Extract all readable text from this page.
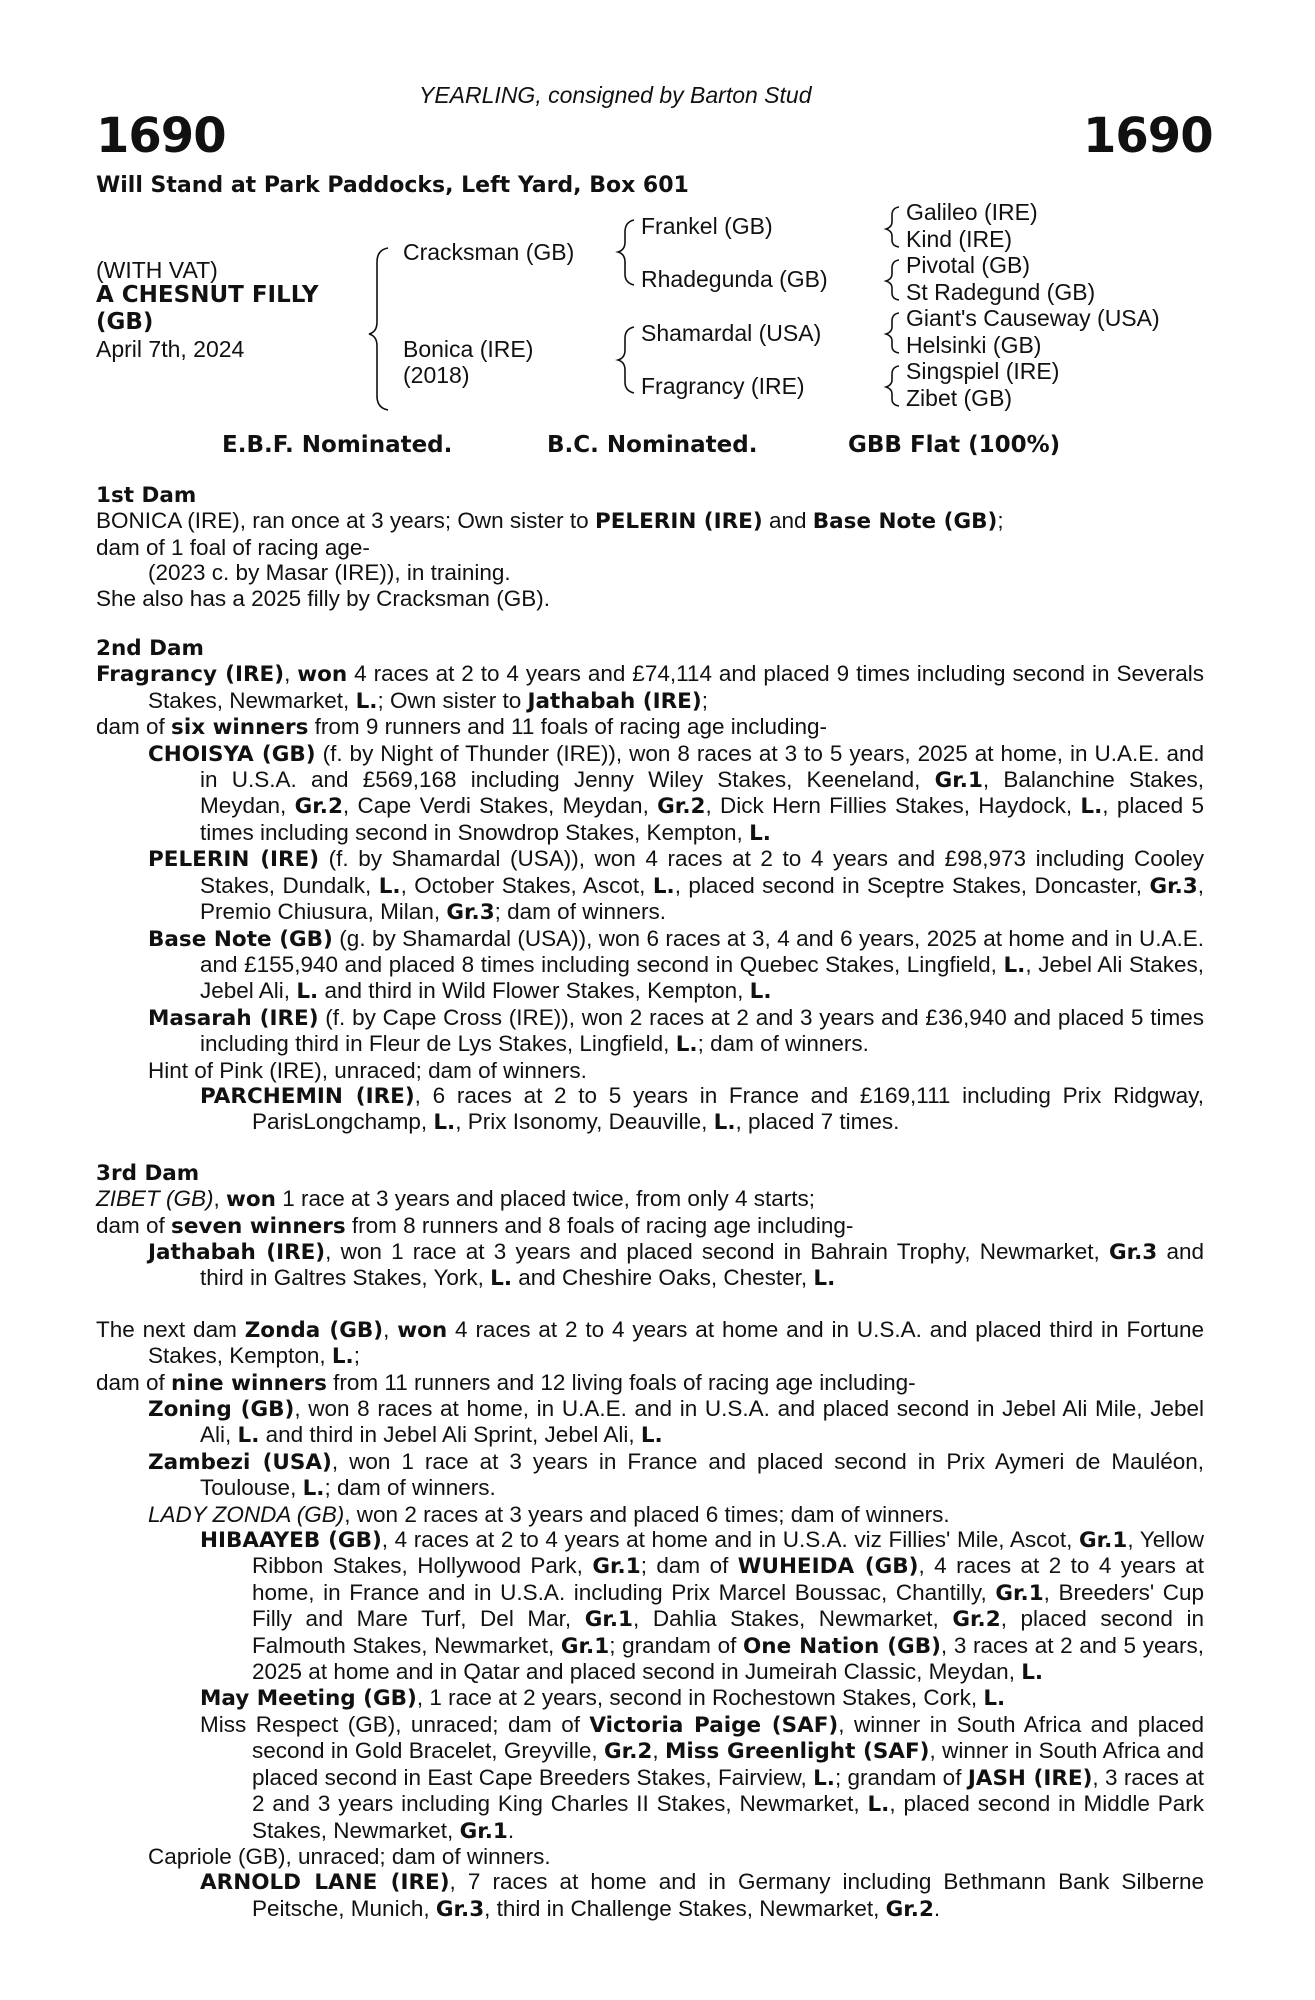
YEARLING, consigned by Barton Stud
1690	1690
Will Stand at Park Paddocks, Left Yard, Box 601
(WITH VAT)
A CHESNUT FILLY
(GB)
April 7th, 2024
Cracksman (GB)
Bonica (IRE)
(2018)
Frankel (GB)
Rhadegunda (GB)
Shamardal (USA)
Fragrancy (IRE)
Galileo (IRE)
Kind (IRE)
Pivotal (GB)
St Radegund (GB)
Giant's Causeway (USA)
Helsinki (GB)
Singspiel (IRE)
Zibet (GB)
E.B.F. Nominated.	B.C. Nominated.	GBB Flat (100%)

1st Dam

BONICA (IRE), ran once at 3 years; Own sister to PELERIN (IRE) and Base Note (GB);

dam of 1 foal of racing age-

(2023 c. by Masar (IRE)), in training.

She also has a 2025 filly by Cracksman (GB).

2nd Dam

Fragrancy (IRE), won 4 races at 2 to 4 years and £74,114 and placed 9 times including second in Severals Stakes, Newmarket, L.; Own sister to Jathabah (IRE);

dam of six winners from 9 runners and 11 foals of racing age including-

CHOISYA (GB) (f. by Night of Thunder (IRE)), won 8 races at 3 to 5 years, 2025 at home, in U.A.E. and in U.S.A. and £569,168 including Jenny Wiley Stakes, Keeneland, Gr.1, Balanchine Stakes, Meydan, Gr.2, Cape Verdi Stakes, Meydan, Gr.2, Dick Hern Fillies Stakes, Haydock, L., placed 5 times including second in Snowdrop Stakes, Kempton, L.

PELERIN (IRE) (f. by Shamardal (USA)), won 4 races at 2 to 4 years and £98,973 including Cooley Stakes, Dundalk, L., October Stakes, Ascot, L., placed second in Sceptre Stakes, Doncaster, Gr.3, Premio Chiusura, Milan, Gr.3; dam of winners.

Base Note (GB) (g. by Shamardal (USA)), won 6 races at 3, 4 and 6 years, 2025 at home and in U.A.E. and £155,940 and placed 8 times including second in Quebec Stakes, Lingfield, L., Jebel Ali Stakes, Jebel Ali, L. and third in Wild Flower Stakes, Kempton, L.

Masarah (IRE) (f. by Cape Cross (IRE)), won 2 races at 2 and 3 years and £36,940 and placed 5 times including third in Fleur de Lys Stakes, Lingfield, L.; dam of winners.

Hint of Pink (IRE), unraced; dam of winners.

PARCHEMIN (IRE), 6 races at 2 to 5 years in France and £169,111 including Prix Ridgway, ParisLongchamp, L., Prix Isonomy, Deauville, L., placed 7 times.

3rd Dam

ZIBET (GB), won 1 race at 3 years and placed twice, from only 4 starts;

dam of seven winners from 8 runners and 8 foals of racing age including-

Jathabah (IRE), won 1 race at 3 years and placed second in Bahrain Trophy, Newmarket, Gr.3 and third in Galtres Stakes, York, L. and Cheshire Oaks, Chester, L.

The next dam Zonda (GB), won 4 races at 2 to 4 years at home and in U.S.A. and placed third in Fortune Stakes, Kempton, L.;

dam of nine winners from 11 runners and 12 living foals of racing age including-

Zoning (GB), won 8 races at home, in U.A.E. and in U.S.A. and placed second in Jebel Ali Mile, Jebel Ali, L. and third in Jebel Ali Sprint, Jebel Ali, L.

Zambezi (USA), won 1 race at 3 years in France and placed second in Prix Aymeri de Mauléon, Toulouse, L.; dam of winners.

LADY ZONDA (GB), won 2 races at 3 years and placed 6 times; dam of winners.

HIBAAYEB (GB), 4 races at 2 to 4 years at home and in U.S.A. viz Fillies' Mile, Ascot, Gr.1, Yellow Ribbon Stakes, Hollywood Park, Gr.1; dam of WUHEIDA (GB), 4 races at 2 to 4 years at home, in France and in U.S.A. including Prix Marcel Boussac, Chantilly, Gr.1, Breeders' Cup Filly and Mare Turf, Del Mar, Gr.1, Dahlia Stakes, Newmarket, Gr.2, placed second in Falmouth Stakes, Newmarket, Gr.1; grandam of One Nation (GB), 3 races at 2 and 5 years, 2025 at home and in Qatar and placed second in Jumeirah Classic, Meydan, L.

May Meeting (GB), 1 race at 2 years, second in Rochestown Stakes, Cork, L.

Miss Respect (GB), unraced; dam of Victoria Paige (SAF), winner in South Africa and placed second in Gold Bracelet, Greyville, Gr.2, Miss Greenlight (SAF), winner in South Africa and placed second in East Cape Breeders Stakes, Fairview, L.; grandam of JASH (IRE), 3 races at 2 and 3 years including King Charles II Stakes, Newmarket, L., placed second in Middle Park Stakes, Newmarket, Gr.1.

Capriole (GB), unraced; dam of winners.

ARNOLD LANE (IRE), 7 races at home and in Germany including Bethmann Bank Silberne Peitsche, Munich, Gr.3, third in Challenge Stakes, Newmarket, Gr.2.
